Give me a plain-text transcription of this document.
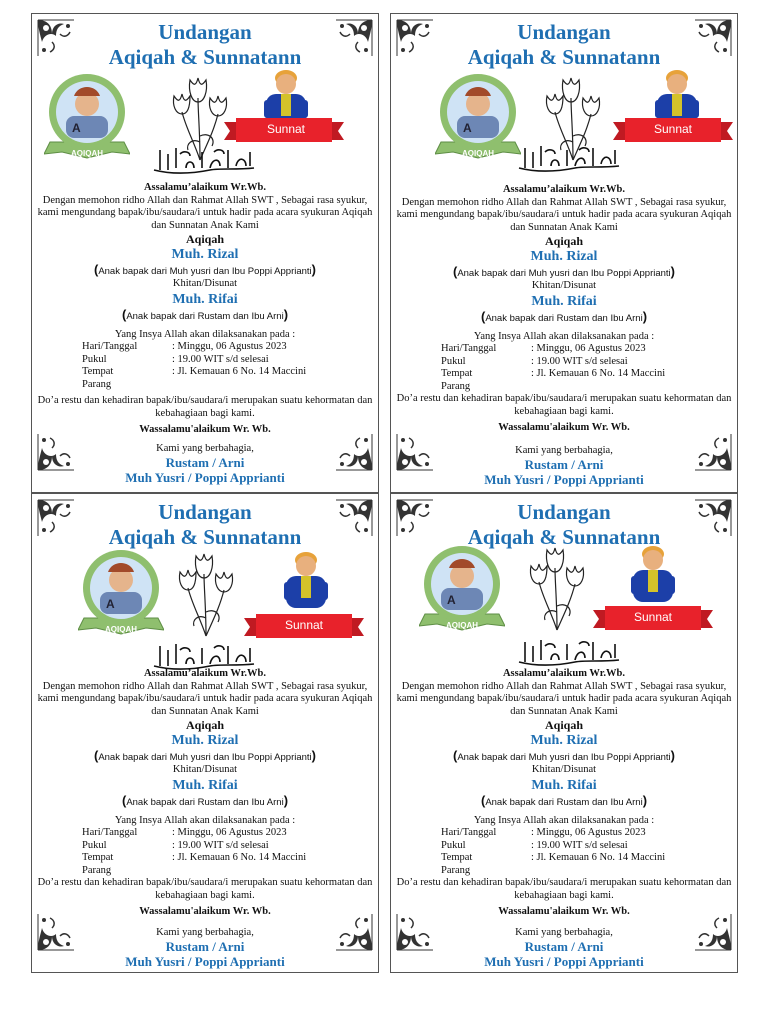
Undangan
Aqiqah & Sunnatann
AQIQAH
Sunnat
Assalamu’alaikum Wr.Wb.
Dengan memohon ridho Allah dan Rahmat Allah SWT , Sebagai rasa syukur, kami mengundang bapak/ibu/saudara/i untuk hadir pada acara syukuran Aqiqah dan Sunnatan Anak Kami
Aqiqah
Muh. Rizal
(Anak bapak dari Muh yusri dan Ibu Poppi Apprianti)
Khitan/Disunat
Muh. Rifai
(Anak bapak dari Rustam dan Ibu Arni)
Yang Insya Allah akan dilaksanakan pada :
Hari/Tanggal	: Minggu, 06 Agustus 2023
Pukul	: 19.00 WIT s/d selesai
Tempat	: Jl. Kemauan 6 No. 14 Maccini
Parang
Do’a restu dan kehadiran bapak/ibu/saudara/i merupakan suatu kehormatan dan kebahagiaan bagi kami.
Wassalamu'alaikum Wr. Wb.
Kami yang berbahagia,
Rustam / Arni
Muh Yusri / Poppi Apprianti
Undangan
Aqiqah & Sunnatann
AQIQAH
Sunnat
Assalamu’alaikum Wr.Wb.
Dengan memohon ridho Allah dan Rahmat Allah SWT , Sebagai rasa syukur, kami mengundang bapak/ibu/saudara/i untuk hadir pada acara syukuran Aqiqah dan Sunnatan Anak Kami
Aqiqah
Muh. Rizal
(Anak bapak dari Muh yusri dan Ibu Poppi Apprianti)
Khitan/Disunat
Muh. Rifai
(Anak bapak dari Rustam dan Ibu Arni)
Yang Insya Allah akan dilaksanakan pada :
Hari/Tanggal	: Minggu, 06 Agustus 2023
Pukul	: 19.00 WIT s/d selesai
Tempat	: Jl. Kemauan 6 No. 14 Maccini
Parang
Do’a restu dan kehadiran bapak/ibu/saudara/i merupakan suatu kehormatan dan kebahagiaan bagi kami.
Wassalamu'alaikum Wr. Wb.
Kami yang berbahagia,
Rustam / Arni
Muh Yusri / Poppi Apprianti
Undangan
Aqiqah & Sunnatann
AQIQAH	Sunnat
Assalamu’alaikum Wr.Wb.
Dengan memohon ridho Allah dan Rahmat Allah SWT , Sebagai rasa syukur, kami mengundang bapak/ibu/saudara/i untuk hadir pada acara syukuran Aqiqah dan Sunnatan Anak Kami
Aqiqah
Muh. Rizal
(Anak bapak dari Muh yusri dan Ibu Poppi Apprianti)
Khitan/Disunat
Muh. Rifai
(Anak bapak dari Rustam dan Ibu Arni)
Yang Insya Allah akan dilaksanakan pada :
Hari/Tanggal	: Minggu, 06 Agustus 2023
Pukul	: 19.00 WIT s/d selesai
Tempat	: Jl. Kemauan 6 No. 14 Maccini
Parang
Do’a restu dan kehadiran bapak/ibu/saudara/i merupakan suatu kehormatan dan kebahagiaan bagi kami.
Wassalamu'alaikum Wr. Wb.
Kami yang berbahagia,
Rustam / Arni
Muh Yusri / Poppi Apprianti
Undangan
Aqiqah & Sunnatann
AQIQAH
Sunnat
Assalamu’alaikum Wr.Wb.
Dengan memohon ridho Allah dan Rahmat Allah SWT , Sebagai rasa syukur, kami mengundang bapak/ibu/saudara/i untuk hadir pada acara syukuran Aqiqah dan Sunnatan Anak Kami
Aqiqah
Muh. Rizal
(Anak bapak dari Muh yusri dan Ibu Poppi Apprianti)
Khitan/Disunat
Muh. Rifai
(Anak bapak dari Rustam dan Ibu Arni)
Yang Insya Allah akan dilaksanakan pada :
Hari/Tanggal	: Minggu, 06 Agustus 2023
Pukul	: 19.00 WIT s/d selesai
Tempat	: Jl. Kemauan 6 No. 14 Maccini
Parang
Do’a restu dan kehadiran bapak/ibu/saudara/i merupakan suatu kehormatan dan kebahagiaan bagi kami.
Wassalamu'alaikum Wr. Wb.
Kami yang berbahagia,
Rustam / Arni
Muh Yusri / Poppi Apprianti
